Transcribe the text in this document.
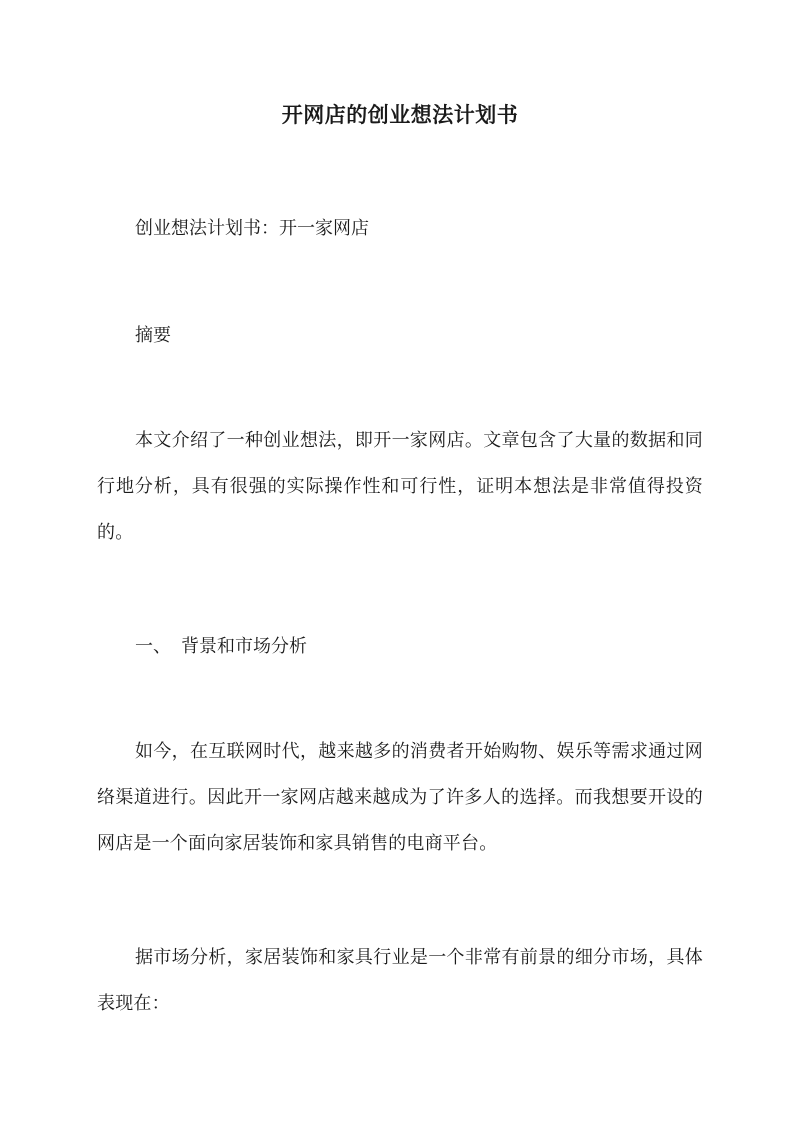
开网店的创业想法计划书
创业想法计划书：开一家网店
摘要
本文介绍了一种创业想法，即开一家网店。文章包含了大量的数据和同行地分析，具有很强的实际操作性和可行性，证明本想法是非常值得投资的。
一、 背景和市场分析
如今，在互联网时代，越来越多的消费者开始购物、娱乐等需求通过网络渠道进行。因此开一家网店越来越成为了许多人的选择。而我想要开设的网店是一个面向家居装饰和家具销售的电商平台。
据市场分析，家居装饰和家具行业是一个非常有前景的细分市场，具体表现在：
